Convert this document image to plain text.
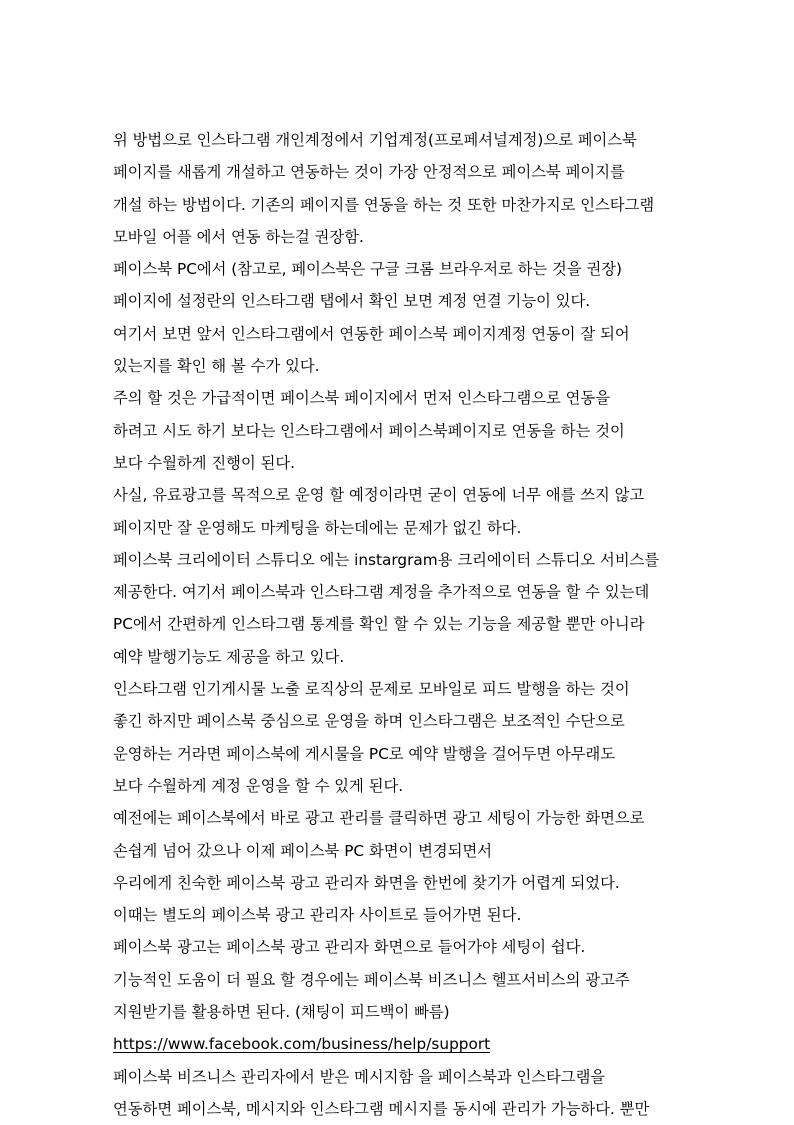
위 방법으로 인스타그램 개인계정에서 기업계정(프로페셔널계정)으로 페이스북
페이지를 새롭게 개설하고 연동하는 것이 가장 안정적으로 페이스북 페이지를
개설 하는 방법이다. 기존의 페이지를 연동을 하는 것 또한 마찬가지로 인스타그램
모바일 어플 에서 연동 하는걸 권장함.
페이스북 PC에서 (참고로, 페이스북은 구글 크롬 브라우저로 하는 것을 권장)
페이지에 설정란의 인스타그램 탭에서 확인 보면 계정 연결 기능이 있다.
여기서 보면 앞서 인스타그램에서 연동한 페이스북 페이지계정 연동이 잘 되어
있는지를 확인 해 볼 수가 있다.
주의 할 것은 가급적이면 페이스북 페이지에서 먼저 인스타그램으로 연동을
하려고 시도 하기 보다는 인스타그램에서 페이스북페이지로 연동을 하는 것이
보다 수월하게 진행이 된다.
사실, 유료광고를 목적으로 운영 할 예정이라면 굳이 연동에 너무 애를 쓰지 않고
페이지만 잘 운영해도 마케팅을 하는데에는 문제가 없긴 하다.
페이스북 크리에이터 스튜디오 에는 instargram용 크리에이터 스튜디오 서비스를
제공한다. 여기서 페이스북과 인스타그램 계정을 추가적으로 연동을 할 수 있는데
PC에서 간편하게 인스타그램 통계를 확인 할 수 있는 기능을 제공할 뿐만 아니라
예약 발행기능도 제공을 하고 있다.
인스타그램 인기게시물 노출 로직상의 문제로 모바일로 피드 발행을 하는 것이
좋긴 하지만 페이스북 중심으로 운영을 하며 인스타그램은 보조적인 수단으로
운영하는 거라면 페이스북에 게시물을 PC로 예약 발행을 걸어두면 아무래도
보다 수월하게 계정 운영을 할 수 있게 된다.
예전에는 페이스북에서 바로 광고 관리를 클릭하면 광고 세팅이 가능한 화면으로
손쉽게 넘어 갔으나 이제 페이스북 PC 화면이 변경되면서
우리에게 친숙한 페이스북 광고 관리자 화면을 한번에 찾기가 어렵게 되었다.
이때는 별도의 페이스북 광고 관리자 사이트로 들어가면 된다.
페이스북 광고는 페이스북 광고 관리자 화면으로 들어가야 세팅이 쉽다.
기능적인 도움이 더 필요 할 경우에는 페이스북 비즈니스 헬프서비스의 광고주
지원받기를 활용하면 된다. (채팅이 피드백이 빠름)
https://www.facebook.com/business/help/support
페이스북 비즈니스 관리자에서 받은 메시지함 을 페이스북과 인스타그램을
연동하면 페이스북, 메시지와 인스타그램 메시지를 동시에 관리가 가능하다. 뿐만
